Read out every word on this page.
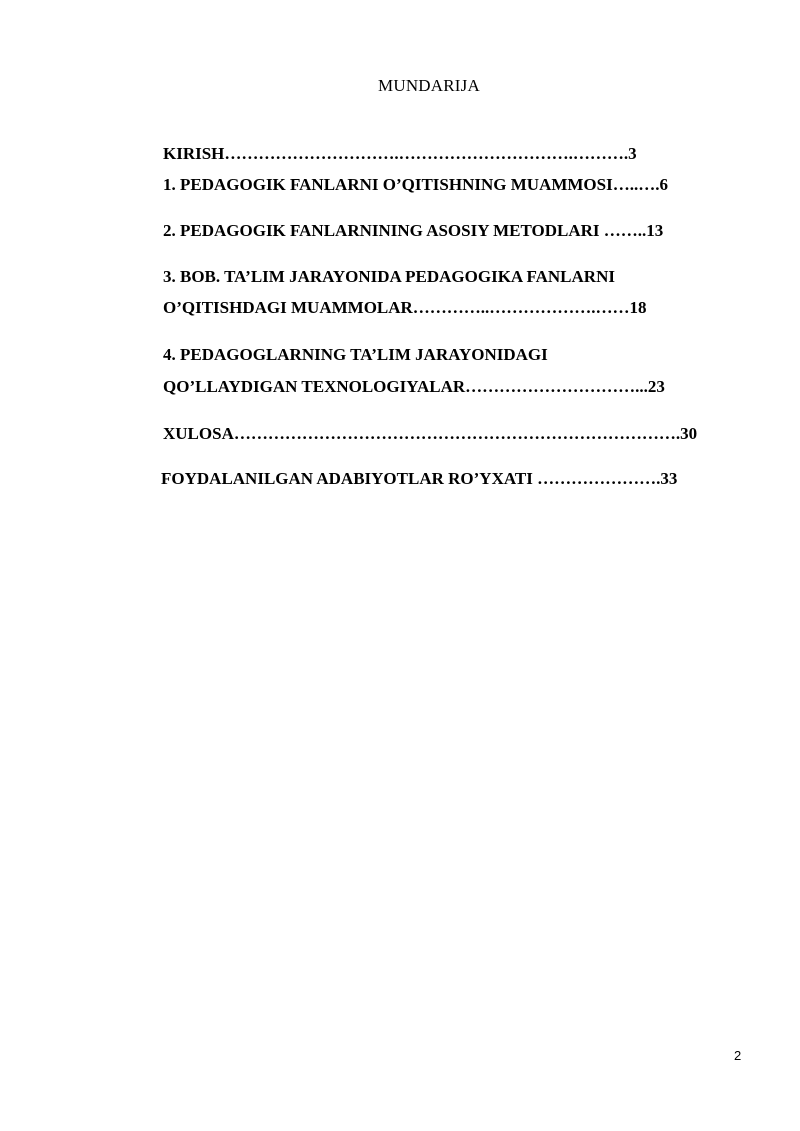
MUNDARIJA
KIRISH………………………….………………………….……….3
1. PEDAGOGIK FANLARNI O’QITISHNING MUAMMOSI…..….6
2. PEDAGOGIK FANLARNINING ASOSIY METODLARI ……..13
3. BOB. TA’LIM JARAYONIDA PEDAGOGIKA FANLARNI
O’QITISHDAGI MUAMMOLAR…………..……………….……18
4. PEDAGOGLARNING TA’LIM JARAYONIDAGI
QO’LLAYDIGAN TEXNOLOGIYALAR…………………………...23
XULOSA…………………………………………………………………….30
FOYDALANILGAN ADABIYOTLAR RO’YXATI ………………….33
2
